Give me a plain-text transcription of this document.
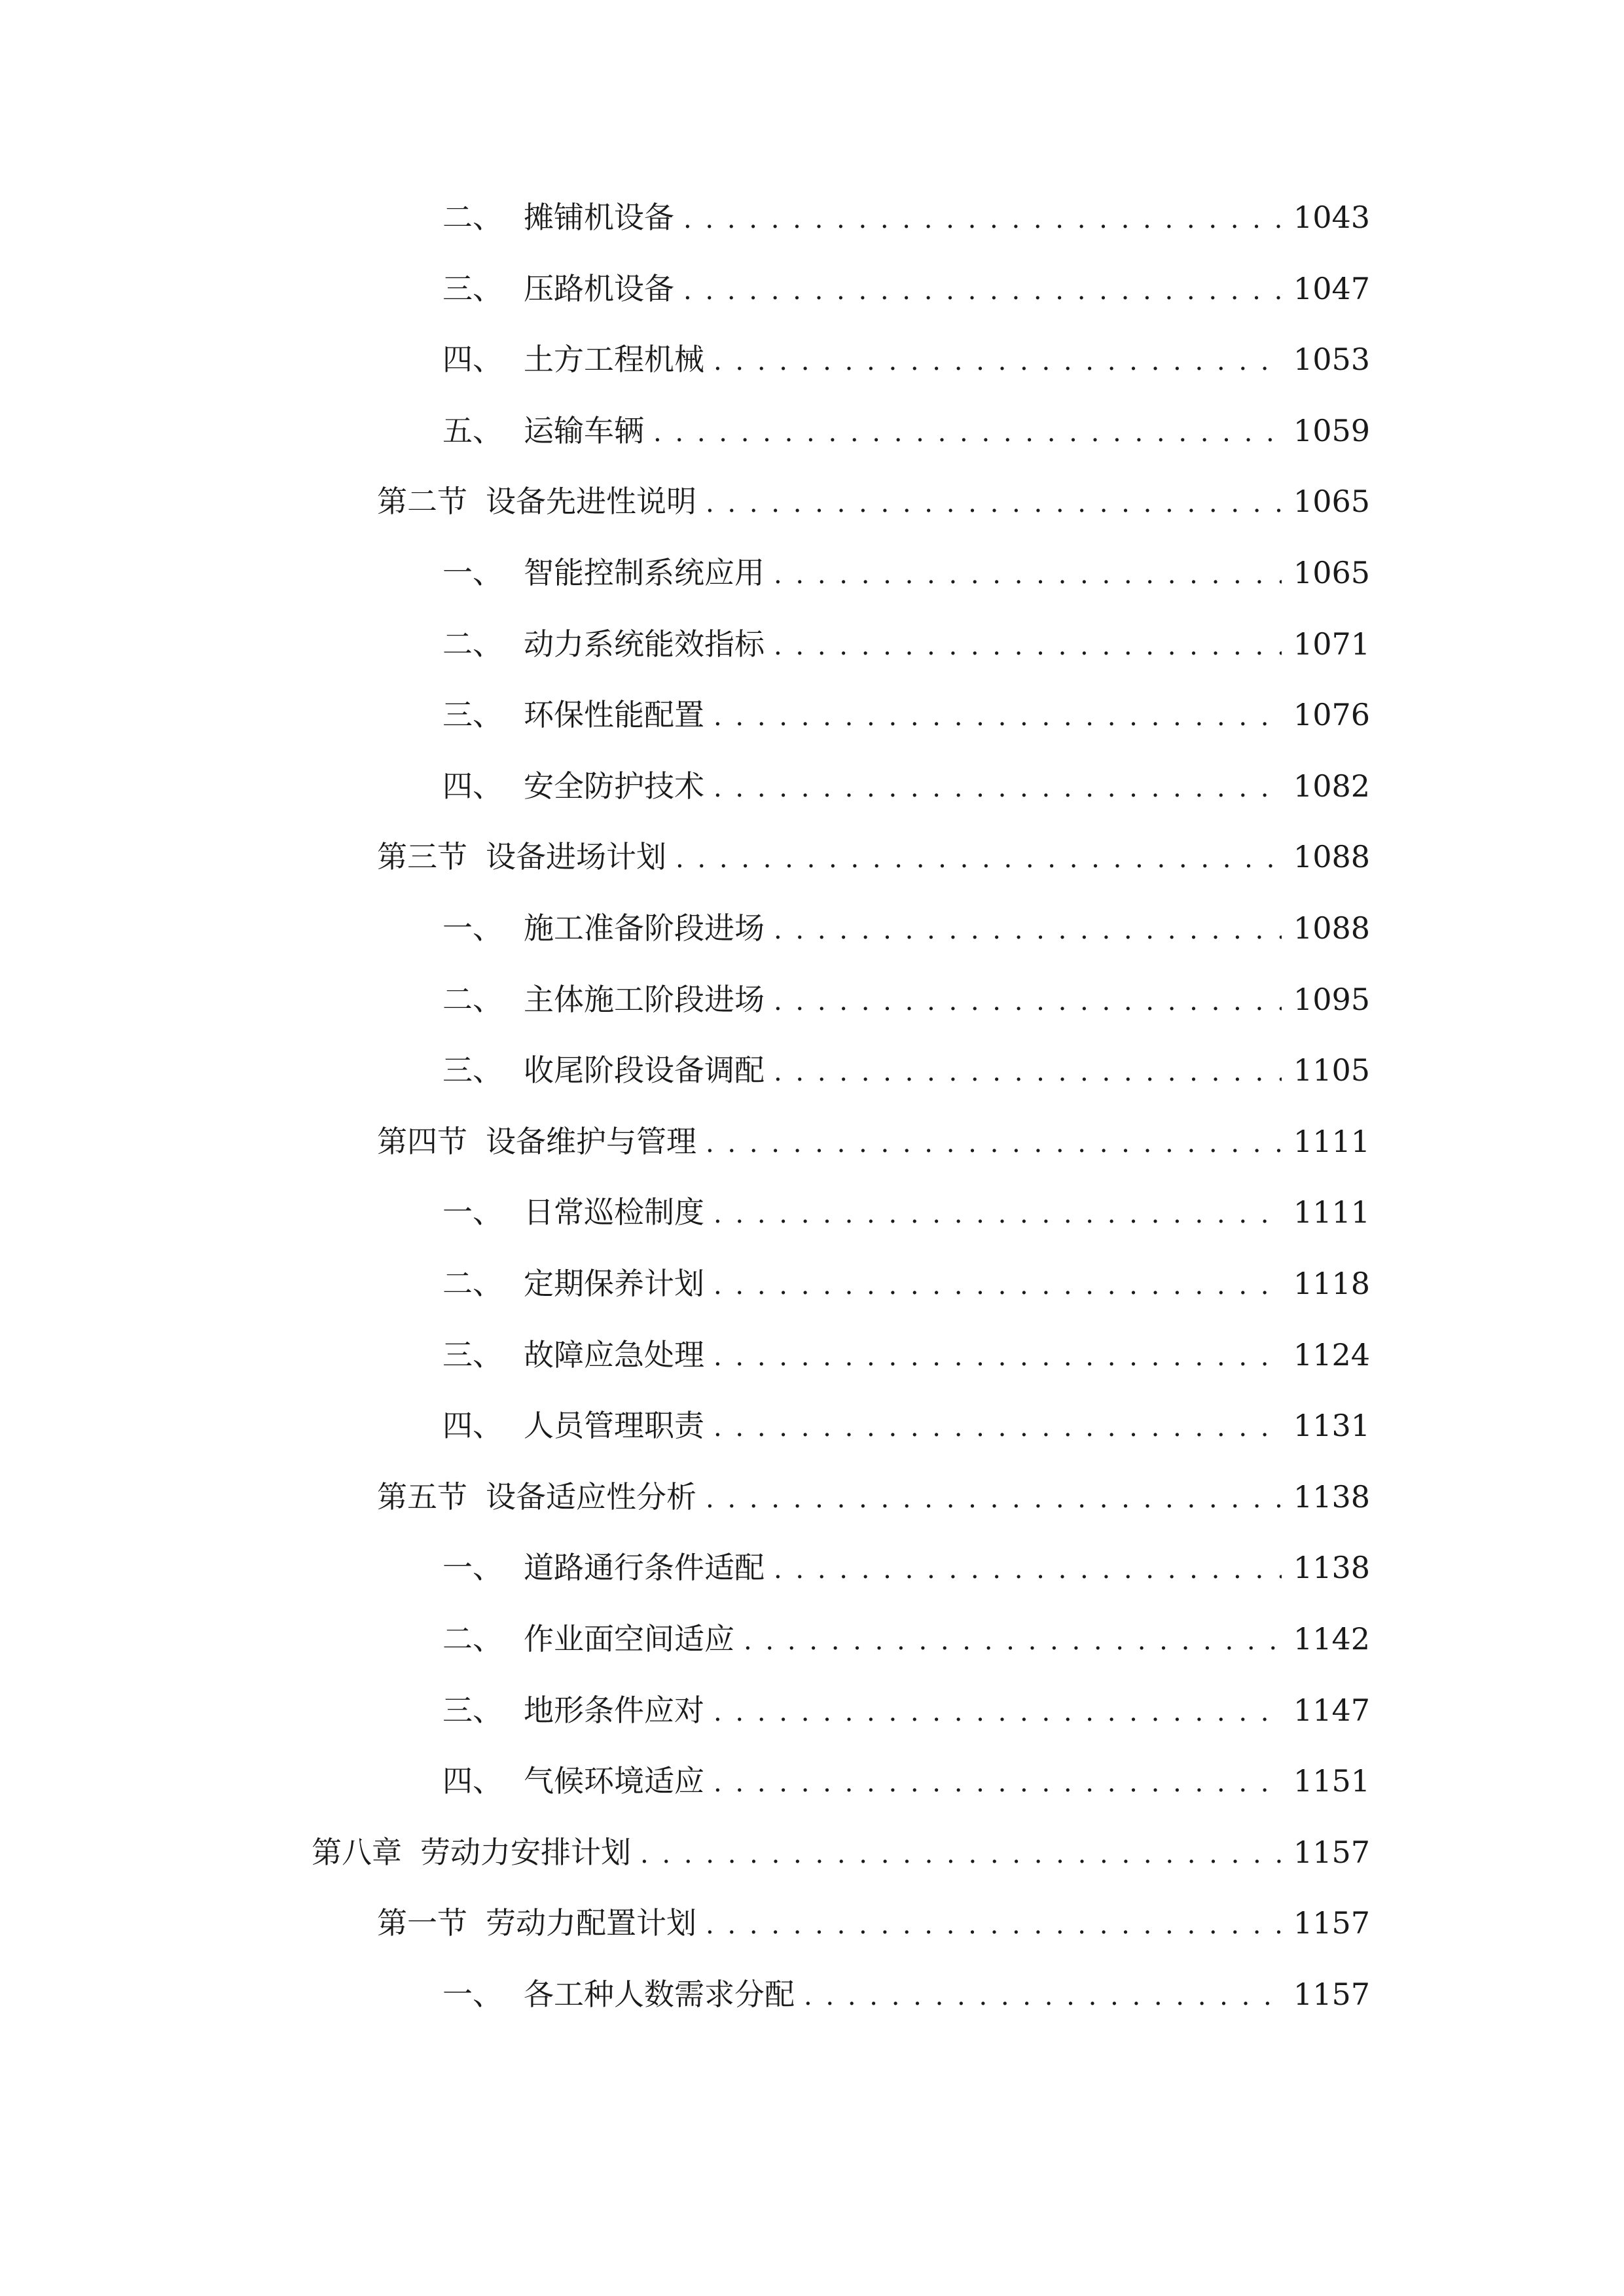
二、 摊铺机设备 . . .	1043
三、 压路机设备 . . .	1047
四、 土方工程机械 . . .	1053
五、 运输车辆 . . .	1059
第二节 设备先进性说明 . . .	1065
一、 智能控制系统应用 . . .	1065
二、 动力系统能效指标 . . .	1071
三、 环保性能配置 . . .	1076
四、 安全防护技术 . . .	1082
第三节 设备进场计划 . . .	1088
一、 施工准备阶段进场 . . .	1088
二、 主体施工阶段进场 . . .	1095
三、 收尾阶段设备调配 . . .	1105
第四节 设备维护与管理 . . .	1111
一、 日常巡检制度 . . .	1111
二、 定期保养计划 . . .	1118
三、 故障应急处理 . . .	1124
四、 人员管理职责 . . .	1131
第五节 设备适应性分析 . . .	1138
一、 道路通行条件适配 . . .	1138
二、 作业面空间适应 . . .	1142
三、 地形条件应对 . . .	1147
四、 气候环境适应 . . .	1151
第八章 劳动力安排计划 . . .	1157
第一节 劳动力配置计划 . . .	1157
一、 各工种人数需求分配 . . .	1157
